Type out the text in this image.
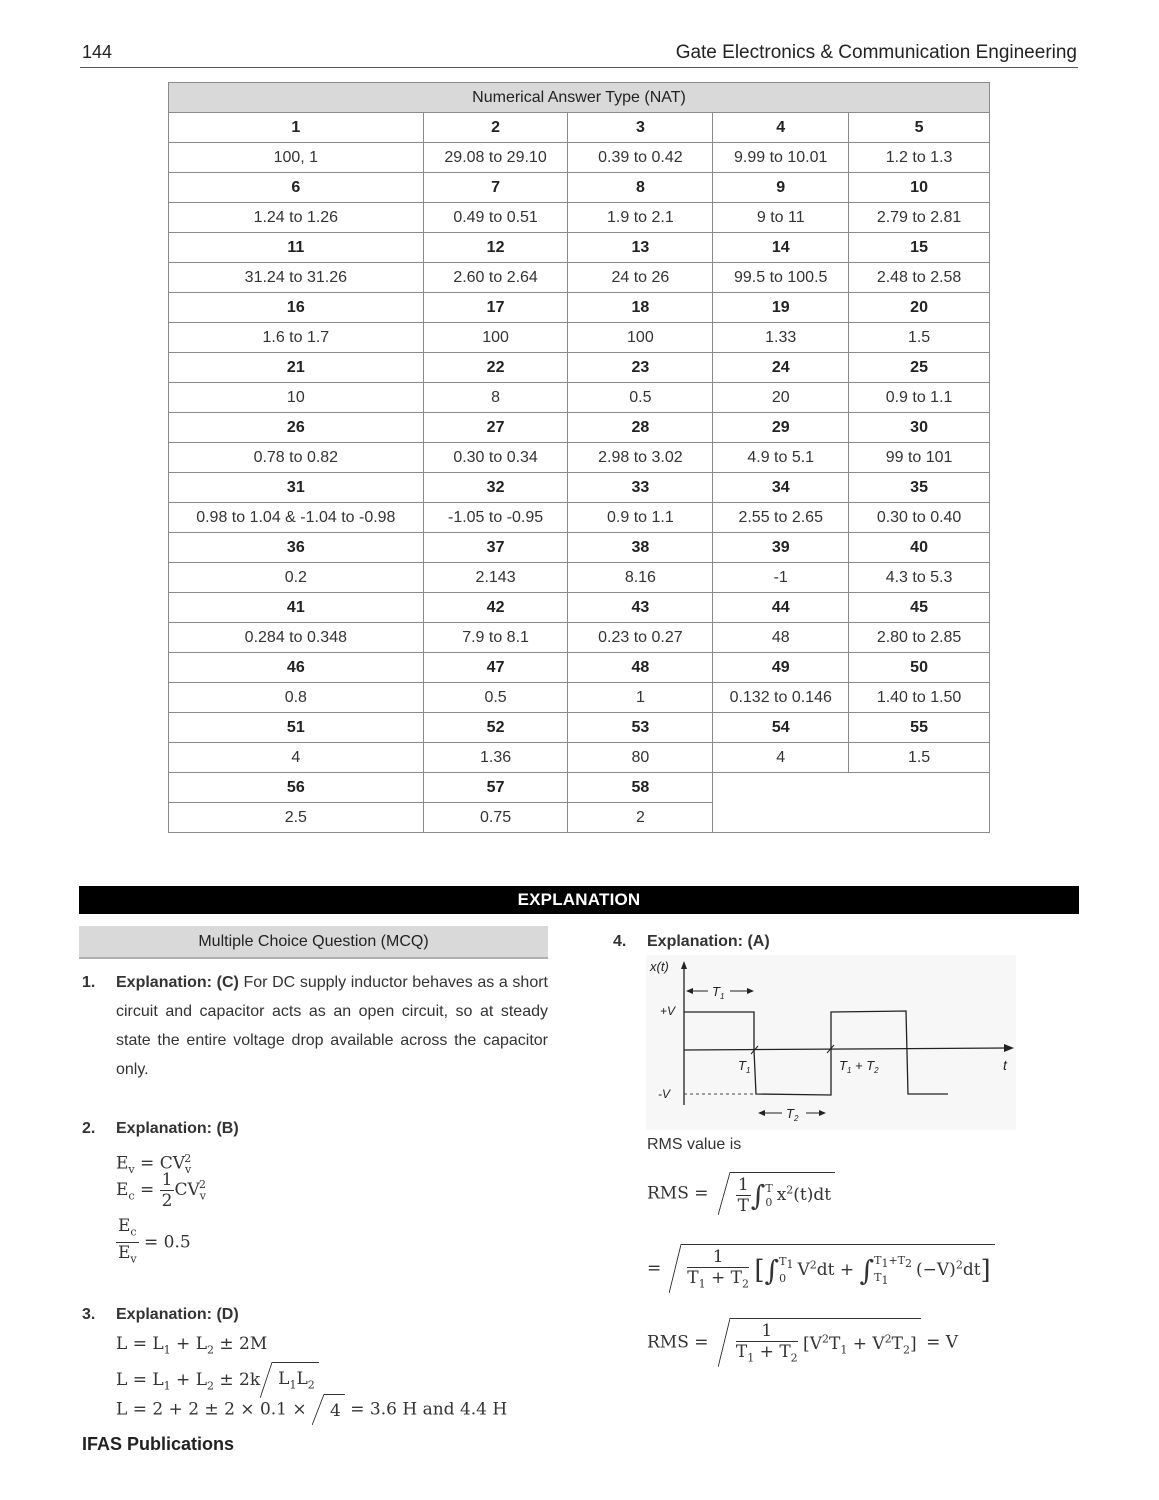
144	Gate Electronics & Communication Engineering
Numerical Answer Type (NAT)				
1	2	3	4	5
100, 1	29.08 to 29.10	0.39 to 0.42	9.99 to 10.01	1.2 to 1.3
6	7	8	9	10
1.24 to 1.26	0.49 to 0.51	1.9 to 2.1	9 to 11	2.79 to 2.81
11	12	13	14	15
31.24 to 31.26	2.60 to 2.64	24 to 26	99.5 to 100.5	2.48 to 2.58
16	17	18	19	20
1.6 to 1.7	100	100	1.33	1.5
21	22	23	24	25
10	8	0.5	20	0.9 to 1.1
26	27	28	29	30
0.78 to 0.82	0.30 to 0.34	2.98 to 3.02	4.9 to 5.1	99 to 101
31	32	33	34	35
0.98 to 1.04 & -1.04 to -0.98	-1.05 to -0.95	0.9 to 1.1	2.55 to 2.65	0.30 to 0.40
36	37	38	39	40
0.2	2.143	8.16	-1	4.3 to 5.3
41	42	43	44	45
0.284 to 0.348	7.9 to 8.1	0.23 to 0.27	48	2.80 to 2.85
46	47	48	49	50
0.8	0.5	1	0.132 to 0.146	1.40 to 1.50
51	52	53	54	55
4	1.36	80	4	1.5
56	57	58		
2.5	0.75	2		
EXPLANATION
Multiple Choice Question (MCQ)
1. Explanation: (C) For DC supply inductor behaves as a short circuit and capacitor acts as an open circuit, so at steady state the entire voltage drop available across the capacitor only.
2. Explanation: (B)
$E_v = CV_v^2$
$E_c = \frac{1}{2} CV_v^2$
$\frac{E_c}{E_v} = 0.5$
3. Explanation: (D)
$L = L_1 + L_2 \pm 2M$
$L = L_1 + L_2 \pm 2k$ $L_1L_2$
L = 2 + 2 ± 2 × 0.1 × 4 = 3.6 H and 4.4 H
IFAS Publications
4. Explanation: (A)
x(t)
t
+V
-V
$T_1$
$T_2$
$T_1$	$T_1 + T_2$
RMS value is
RMS = $\frac{1}{T}$ ∫ T
0 $x^2(t)dt$
= $\frac{1}{T_1 + T_2}$ [∫ $T_1$
0 $V^2dt$ + ∫ $T_1+T_2$
$T_1$
$(-V)^2dt$]
RMS = $\frac{1}{T_1 + T_2} [V^2T_1 + V^2T_2] = V$
